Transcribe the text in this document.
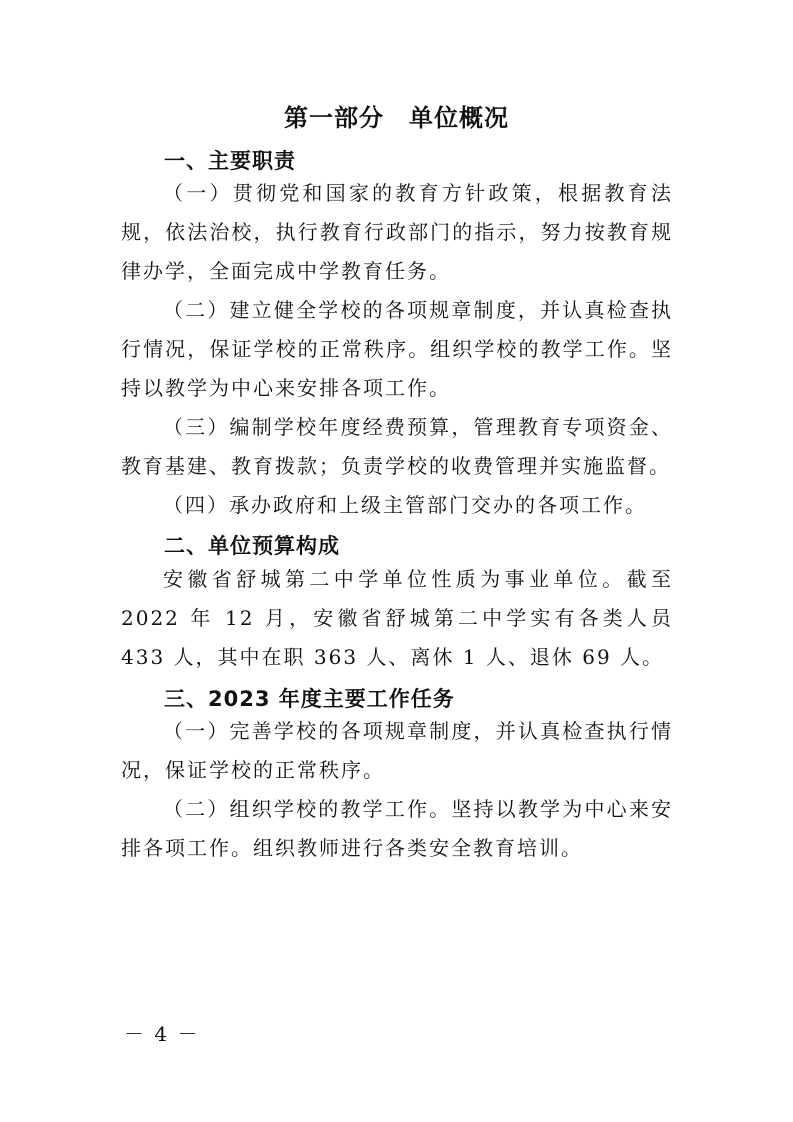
第一部分　单位概况
一、主要职责
（一）贯彻党和国家的教育方针政策，根据教育法规，依法治校，执行教育行政部门的指示，努力按教育规律办学，全面完成中学教育任务。
（二）建立健全学校的各项规章制度，并认真检查执行情况，保证学校的正常秩序。组织学校的教学工作。坚持以教学为中心来安排各项工作。
（三）编制学校年度经费预算，管理教育专项资金、教育基建、教育拨款；负责学校的收费管理并实施监督。
（四）承办政府和上级主管部门交办的各项工作。
二、单位预算构成
安徽省舒城第二中学单位性质为事业单位。截至 2022 年 12 月，安徽省舒城第二中学实有各类人员 433 人，其中在职 363 人、离休 1 人、退休 69 人。
三、2023 年度主要工作任务
（一）完善学校的各项规章制度，并认真检查执行情况，保证学校的正常秩序。
（二）组织学校的教学工作。坚持以教学为中心来安排各项工作。组织教师进行各类安全教育培训。
－ 4 －
